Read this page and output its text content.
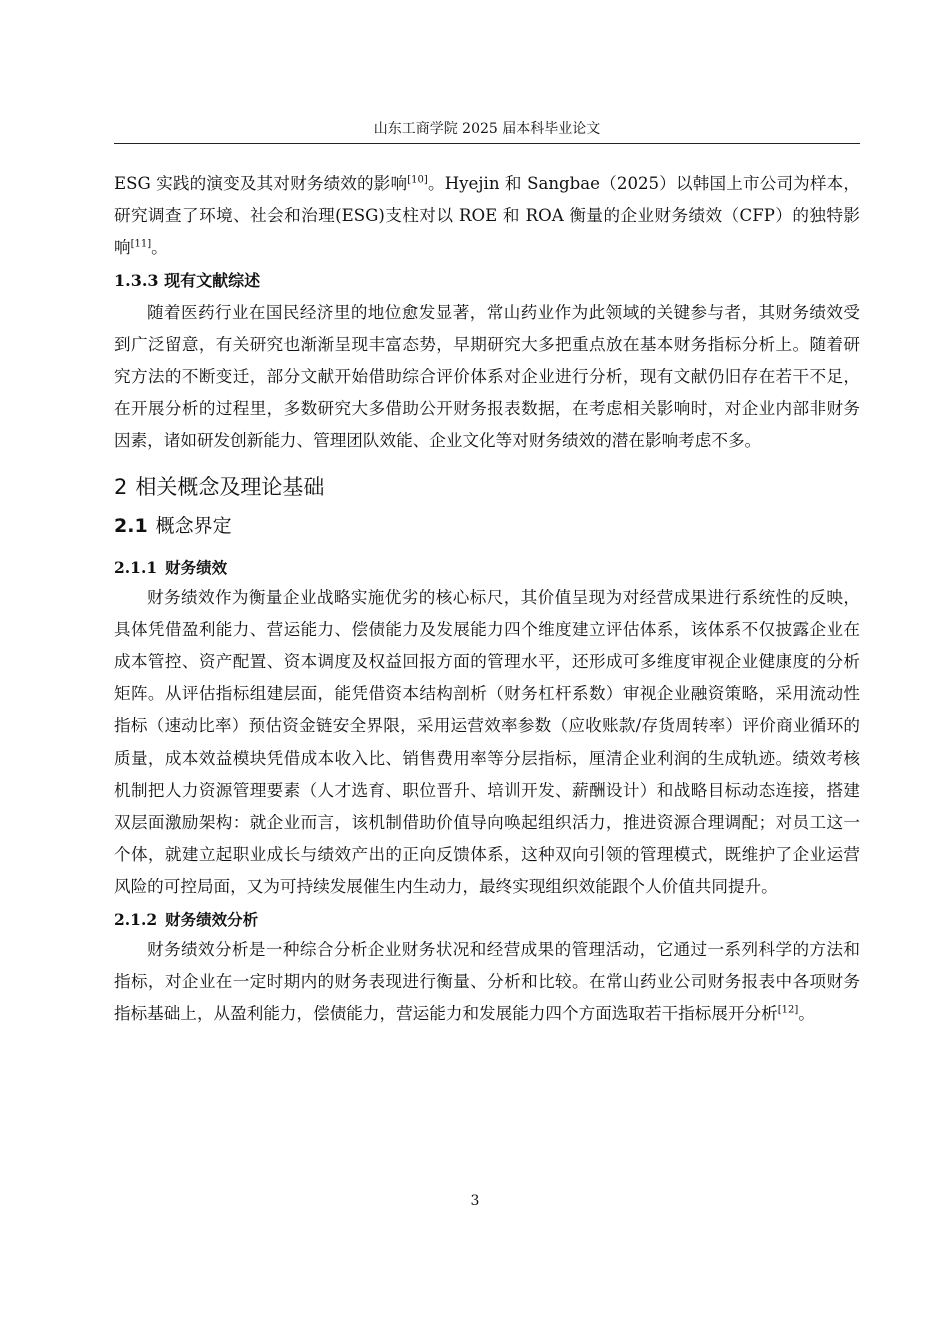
山东工商学院 2025 届本科毕业论文

ESG 实践的演变及其对财务绩效的影响[10]。Hyejin 和 Sangbae（2025）以韩国上市公司为样本，研究调查了环境、社会和治理(ESG)支柱对以 ROE 和 ROA 衡量的企业财务绩效（CFP）的独特影响[11]。

1.3.3 现有文献综述

随着医药行业在国民经济里的地位愈发显著，常山药业作为此领域的关键参与者，其财务绩效受到广泛留意，有关研究也渐渐呈现丰富态势，早期研究大多把重点放在基本财务指标分析上。随着研究方法的不断变迁，部分文献开始借助综合评价体系对企业进行分析，现有文献仍旧存在若干不足，在开展分析的过程里，多数研究大多借助公开财务报表数据，在考虑相关影响时，对企业内部非财务因素，诸如研发创新能力、管理团队效能、企业文化等对财务绩效的潜在影响考虑不多。

2 相关概念及理论基础
2.1 概念界定
2.1.1 财务绩效

财务绩效作为衡量企业战略实施优劣的核心标尺，其价值呈现为对经营成果进行系统性的反映，具体凭借盈利能力、营运能力、偿债能力及发展能力四个维度建立评估体系，该体系不仅披露企业在成本管控、资产配置、资本调度及权益回报方面的管理水平，还形成可多维度审视企业健康度的分析矩阵。从评估指标组建层面，能凭借资本结构剖析（财务杠杆系数）审视企业融资策略，采用流动性指标（速动比率）预估资金链安全界限，采用运营效率参数（应收账款/存货周转率）评价商业循环的质量，成本效益模块凭借成本收入比、销售费用率等分层指标，厘清企业利润的生成轨迹。绩效考核机制把人力资源管理要素（人才选育、职位晋升、培训开发、薪酬设计）和战略目标动态连接，搭建双层面激励架构：就企业而言，该机制借助价值导向唤起组织活力，推进资源合理调配；对员工这一个体，就建立起职业成长与绩效产出的正向反馈体系，这种双向引领的管理模式，既维护了企业运营风险的可控局面，又为可持续发展催生内生动力，最终实现组织效能跟个人价值共同提升。

2.1.2 财务绩效分析

财务绩效分析是一种综合分析企业财务状况和经营成果的管理活动，它通过一系列科学的方法和指标，对企业在一定时期内的财务表现进行衡量、分析和比较。在常山药业公司财务报表中各项财务指标基础上，从盈利能力，偿债能力，营运能力和发展能力四个方面选取若干指标展开分析[12]。

3
